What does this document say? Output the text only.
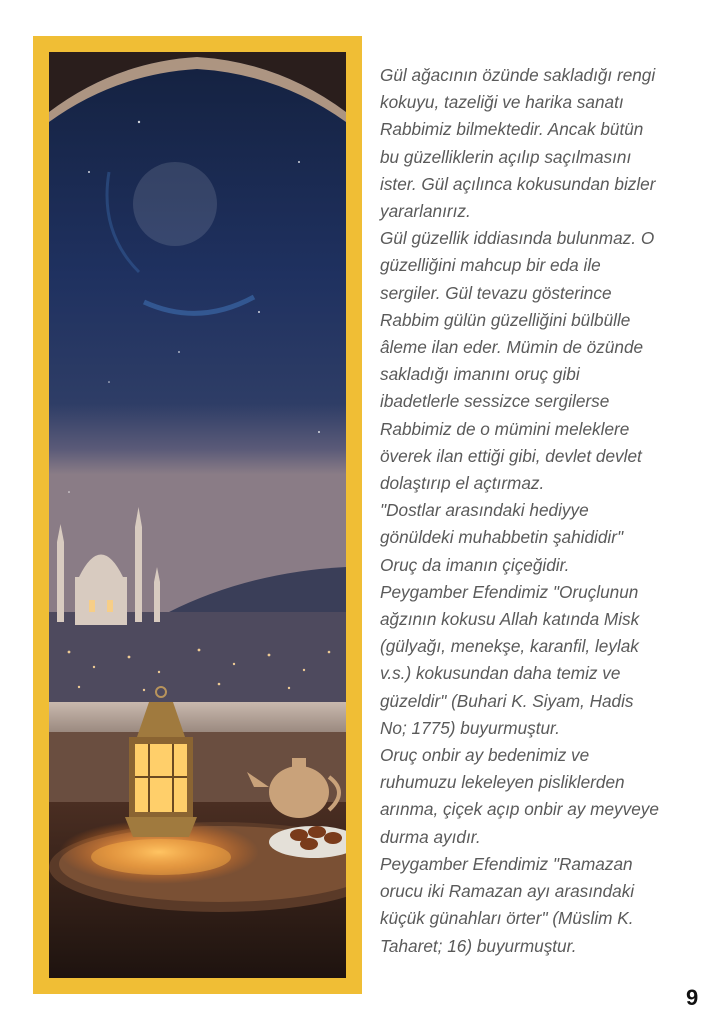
Gül ağacının özünde sakladığı rengi

kokuyu, tazeliği ve harika sanatı

Rabbimiz bilmektedir. Ancak bütün

bu güzelliklerin açılıp saçılmasını

ister. Gül açılınca kokusundan bizler

yararlanırız.

Gül güzellik iddiasında bulunmaz. O

güzelliğini mahcup bir eda ile

sergiler. Gül tevazu gösterince

Rabbim gülün güzelliğini bülbülle

âleme ilan eder. Mümin de özünde

sakladığı imanını oruç gibi

ibadetlerle sessizce sergilerse

Rabbimiz de o mümini meleklere

överek ilan ettiği gibi, devlet devlet

dolaştırıp el açtırmaz.

"Dostlar arasındaki hediyye

gönüldeki muhabbetin şahididir"

Oruç da imanın çiçeğidir.

Peygamber Efendimiz "Oruçlunun

ağzının kokusu Allah katında Misk

(gülyağı, menekşe, karanfil, leylak

v.s.) kokusundan daha temiz ve

güzeldir" (Buhari K. Siyam, Hadis

No; 1775) buyurmuştur.

Oruç onbir ay bedenimiz ve

ruhumuzu lekeleyen pisliklerden

arınma, çiçek açıp onbir ay meyveye

durma ayıdır.

Peygamber Efendimiz "Ramazan

orucu iki Ramazan ayı arasındaki

küçük günahları örter" (Müslim K.

Taharet; 16) buyurmuştur.

9
